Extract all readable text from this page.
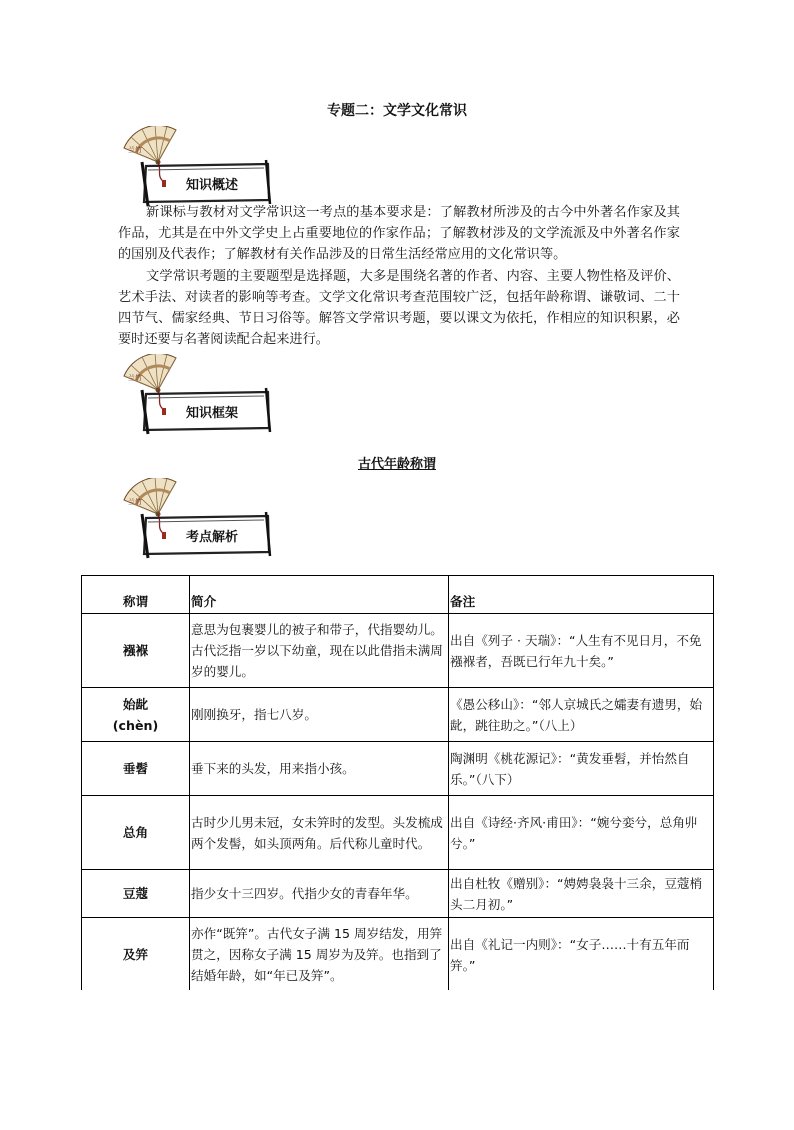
专题二：文学文化常识
兰竹
知识概述

新课标与教材对文学常识这一考点的基本要求是：了解教材所涉及的古今中外著名作家及其作品，尤其是在中外文学史上占重要地位的作家作品；了解教材涉及的文学流派及中外著名作家的国别及代表作；了解教材有关作品涉及的日常生活经常应用的文化常识等。

文学常识考题的主要题型是选择题，大多是围绕名著的作者、内容、主要人物性格及评价、艺术手法、对读者的影响等考查。文学文化常识考查范围较广泛，包括年龄称谓、谦敬词、二十四节气、儒家经典、节日习俗等。解答文学常识考题，要以课文为依托，作相应的知识积累，必要时还要与名著阅读配合起来进行。

兰竹
知识框架
古代年龄称谓
兰竹
考点解析
称谓	简介	备注
襁褓	意思为包裹婴儿的被子和带子，代指婴幼儿。古代泛指一岁以下幼童，现在以此借指未满周岁的婴儿。	出自《列子 · 天瑞》：“人生有不见日月，不免襁褓者，吾既已行年九十矣。”
始龀
(chèn)	刚刚换牙，指七八岁。	《愚公移山》：“邻人京城氏之孀妻有遗男，始龀，跳往助之。”（八上）
垂髫	垂下来的头发，用来指小孩。	陶渊明《桃花源记》：“黄发垂髫，并怡然自乐。”（八下）
总角	古时少儿男未冠，女未笄时的发型。头发梳成两个发髻，如头顶两角。后代称儿童时代。	出自《诗经·齐风·甫田》：“婉兮娈兮，总角丱兮。”
豆蔻	指少女十三四岁。代指少女的青春年华。	出自杜牧《赠别》：“娉娉袅袅十三余，豆蔻梢头二月初。”
及笄	亦作“既笄”。古代女子满 15 周岁结发，用笄贯之，因称女子满 15 周岁为及笄。也指到了结婚年龄，如“年已及笄”。	出自《礼记一内则》：“女子……十有五年而笄。”
